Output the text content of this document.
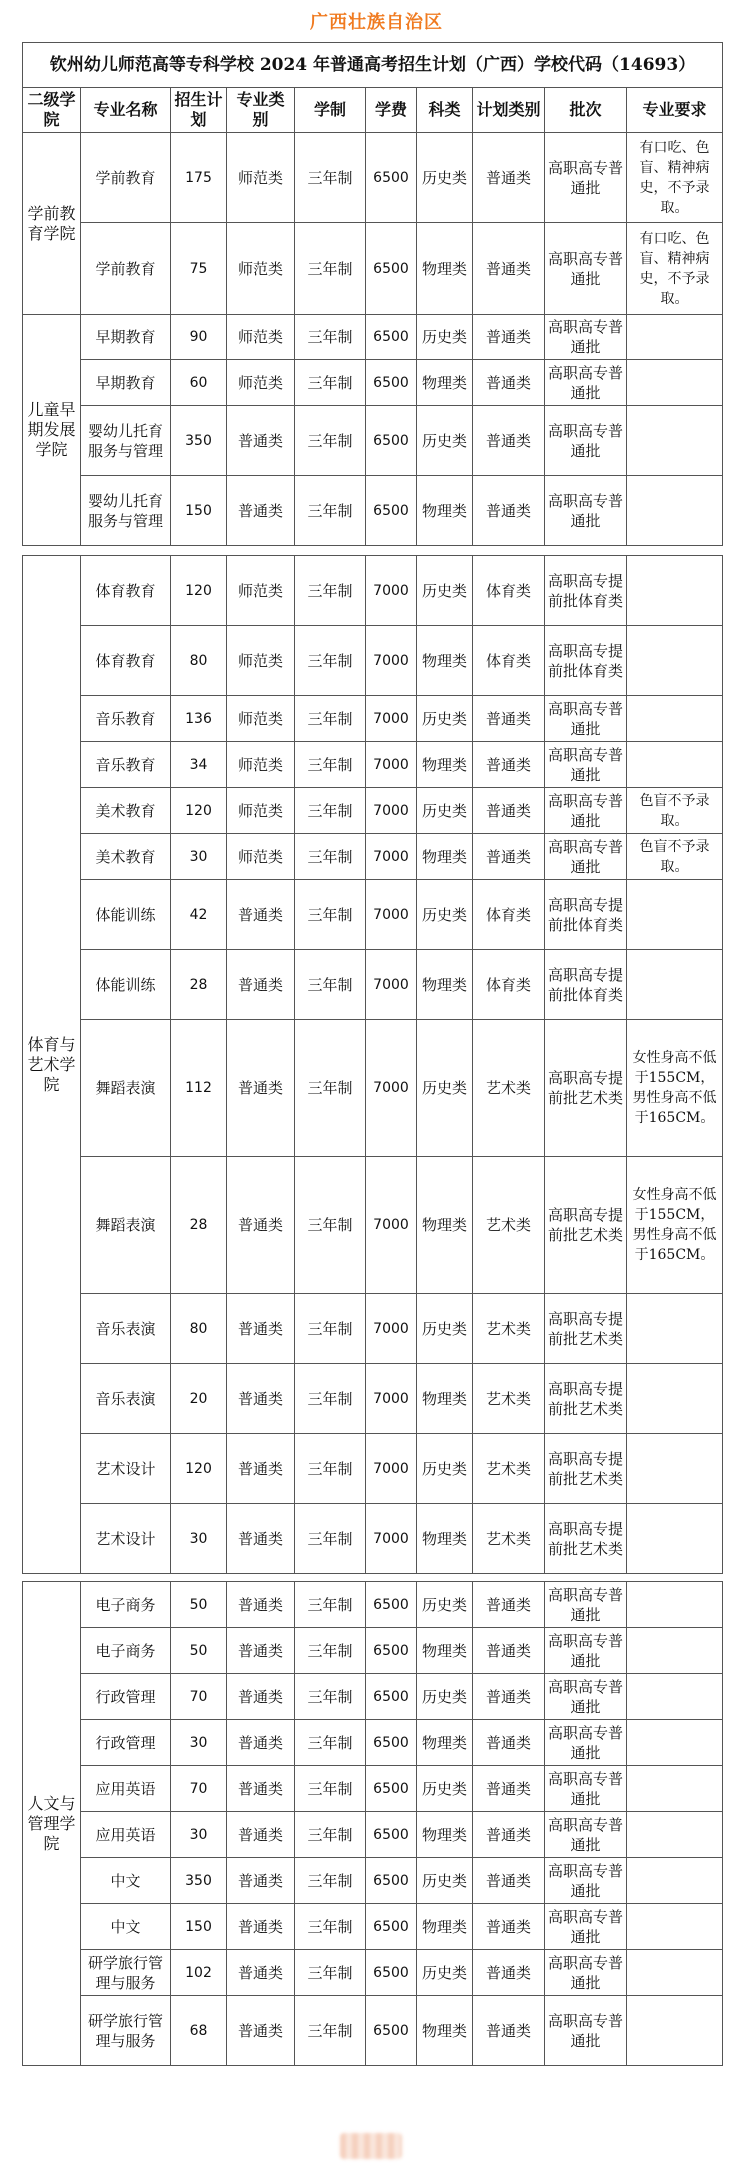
广西壮族自治区
钦州幼儿师范高等专科学校 2024 年普通高考招生计划（广西）学校代码（14693）									
二级学院	专业名称	招生计划	专业类别	学制	学费	科类	计划类别	批次	专业要求
学前教育学院	学前教育	175	师范类	三年制	6500	历史类	普通类	高职高专普通批	有口吃、色盲、精神病史，不予录取。
	学前教育	75	师范类	三年制	6500	物理类	普通类	高职高专普通批	有口吃、色盲、精神病史，不予录取。
儿童早期发展学院	早期教育	90	师范类	三年制	6500	历史类	普通类	高职高专普通批	
	早期教育	60	师范类	三年制	6500	物理类	普通类	高职高专普通批	
	婴幼儿托育服务与管理	350	普通类	三年制	6500	历史类	普通类	高职高专普通批	
	婴幼儿托育服务与管理	150	普通类	三年制	6500	物理类	普通类	高职高专普通批	
体育与艺术学院	体育教育	120	师范类	三年制	7000	历史类	体育类	高职高专提前批体育类	
	体育教育	80	师范类	三年制	7000	物理类	体育类	高职高专提前批体育类	
	音乐教育	136	师范类	三年制	7000	历史类	普通类	高职高专普通批	
	音乐教育	34	师范类	三年制	7000	物理类	普通类	高职高专普通批	
	美术教育	120	师范类	三年制	7000	历史类	普通类	高职高专普通批	色盲不予录取。
	美术教育	30	师范类	三年制	7000	物理类	普通类	高职高专普通批	色盲不予录取。
	体能训练	42	普通类	三年制	7000	历史类	体育类	高职高专提前批体育类	
	体能训练	28	普通类	三年制	7000	物理类	体育类	高职高专提前批体育类	
	舞蹈表演	112	普通类	三年制	7000	历史类	艺术类	高职高专提前批艺术类	女性身高不低于155CM，男性身高不低于165CM。
	舞蹈表演	28	普通类	三年制	7000	物理类	艺术类	高职高专提前批艺术类	女性身高不低于155CM，男性身高不低于165CM。
	音乐表演	80	普通类	三年制	7000	历史类	艺术类	高职高专提前批艺术类	
	音乐表演	20	普通类	三年制	7000	物理类	艺术类	高职高专提前批艺术类	
	艺术设计	120	普通类	三年制	7000	历史类	艺术类	高职高专提前批艺术类	
	艺术设计	30	普通类	三年制	7000	物理类	艺术类	高职高专提前批艺术类	
人文与管理学院	电子商务	50	普通类	三年制	6500	历史类	普通类	高职高专普通批	
	电子商务	50	普通类	三年制	6500	物理类	普通类	高职高专普通批	
	行政管理	70	普通类	三年制	6500	历史类	普通类	高职高专普通批	
	行政管理	30	普通类	三年制	6500	物理类	普通类	高职高专普通批	
	应用英语	70	普通类	三年制	6500	历史类	普通类	高职高专普通批	
	应用英语	30	普通类	三年制	6500	物理类	普通类	高职高专普通批	
	中文	350	普通类	三年制	6500	历史类	普通类	高职高专普通批	
	中文	150	普通类	三年制	6500	物理类	普通类	高职高专普通批	
	研学旅行管理与服务	102	普通类	三年制	6500	历史类	普通类	高职高专普通批	
	研学旅行管理与服务	68	普通类	三年制	6500	物理类	普通类	高职高专普通批	
